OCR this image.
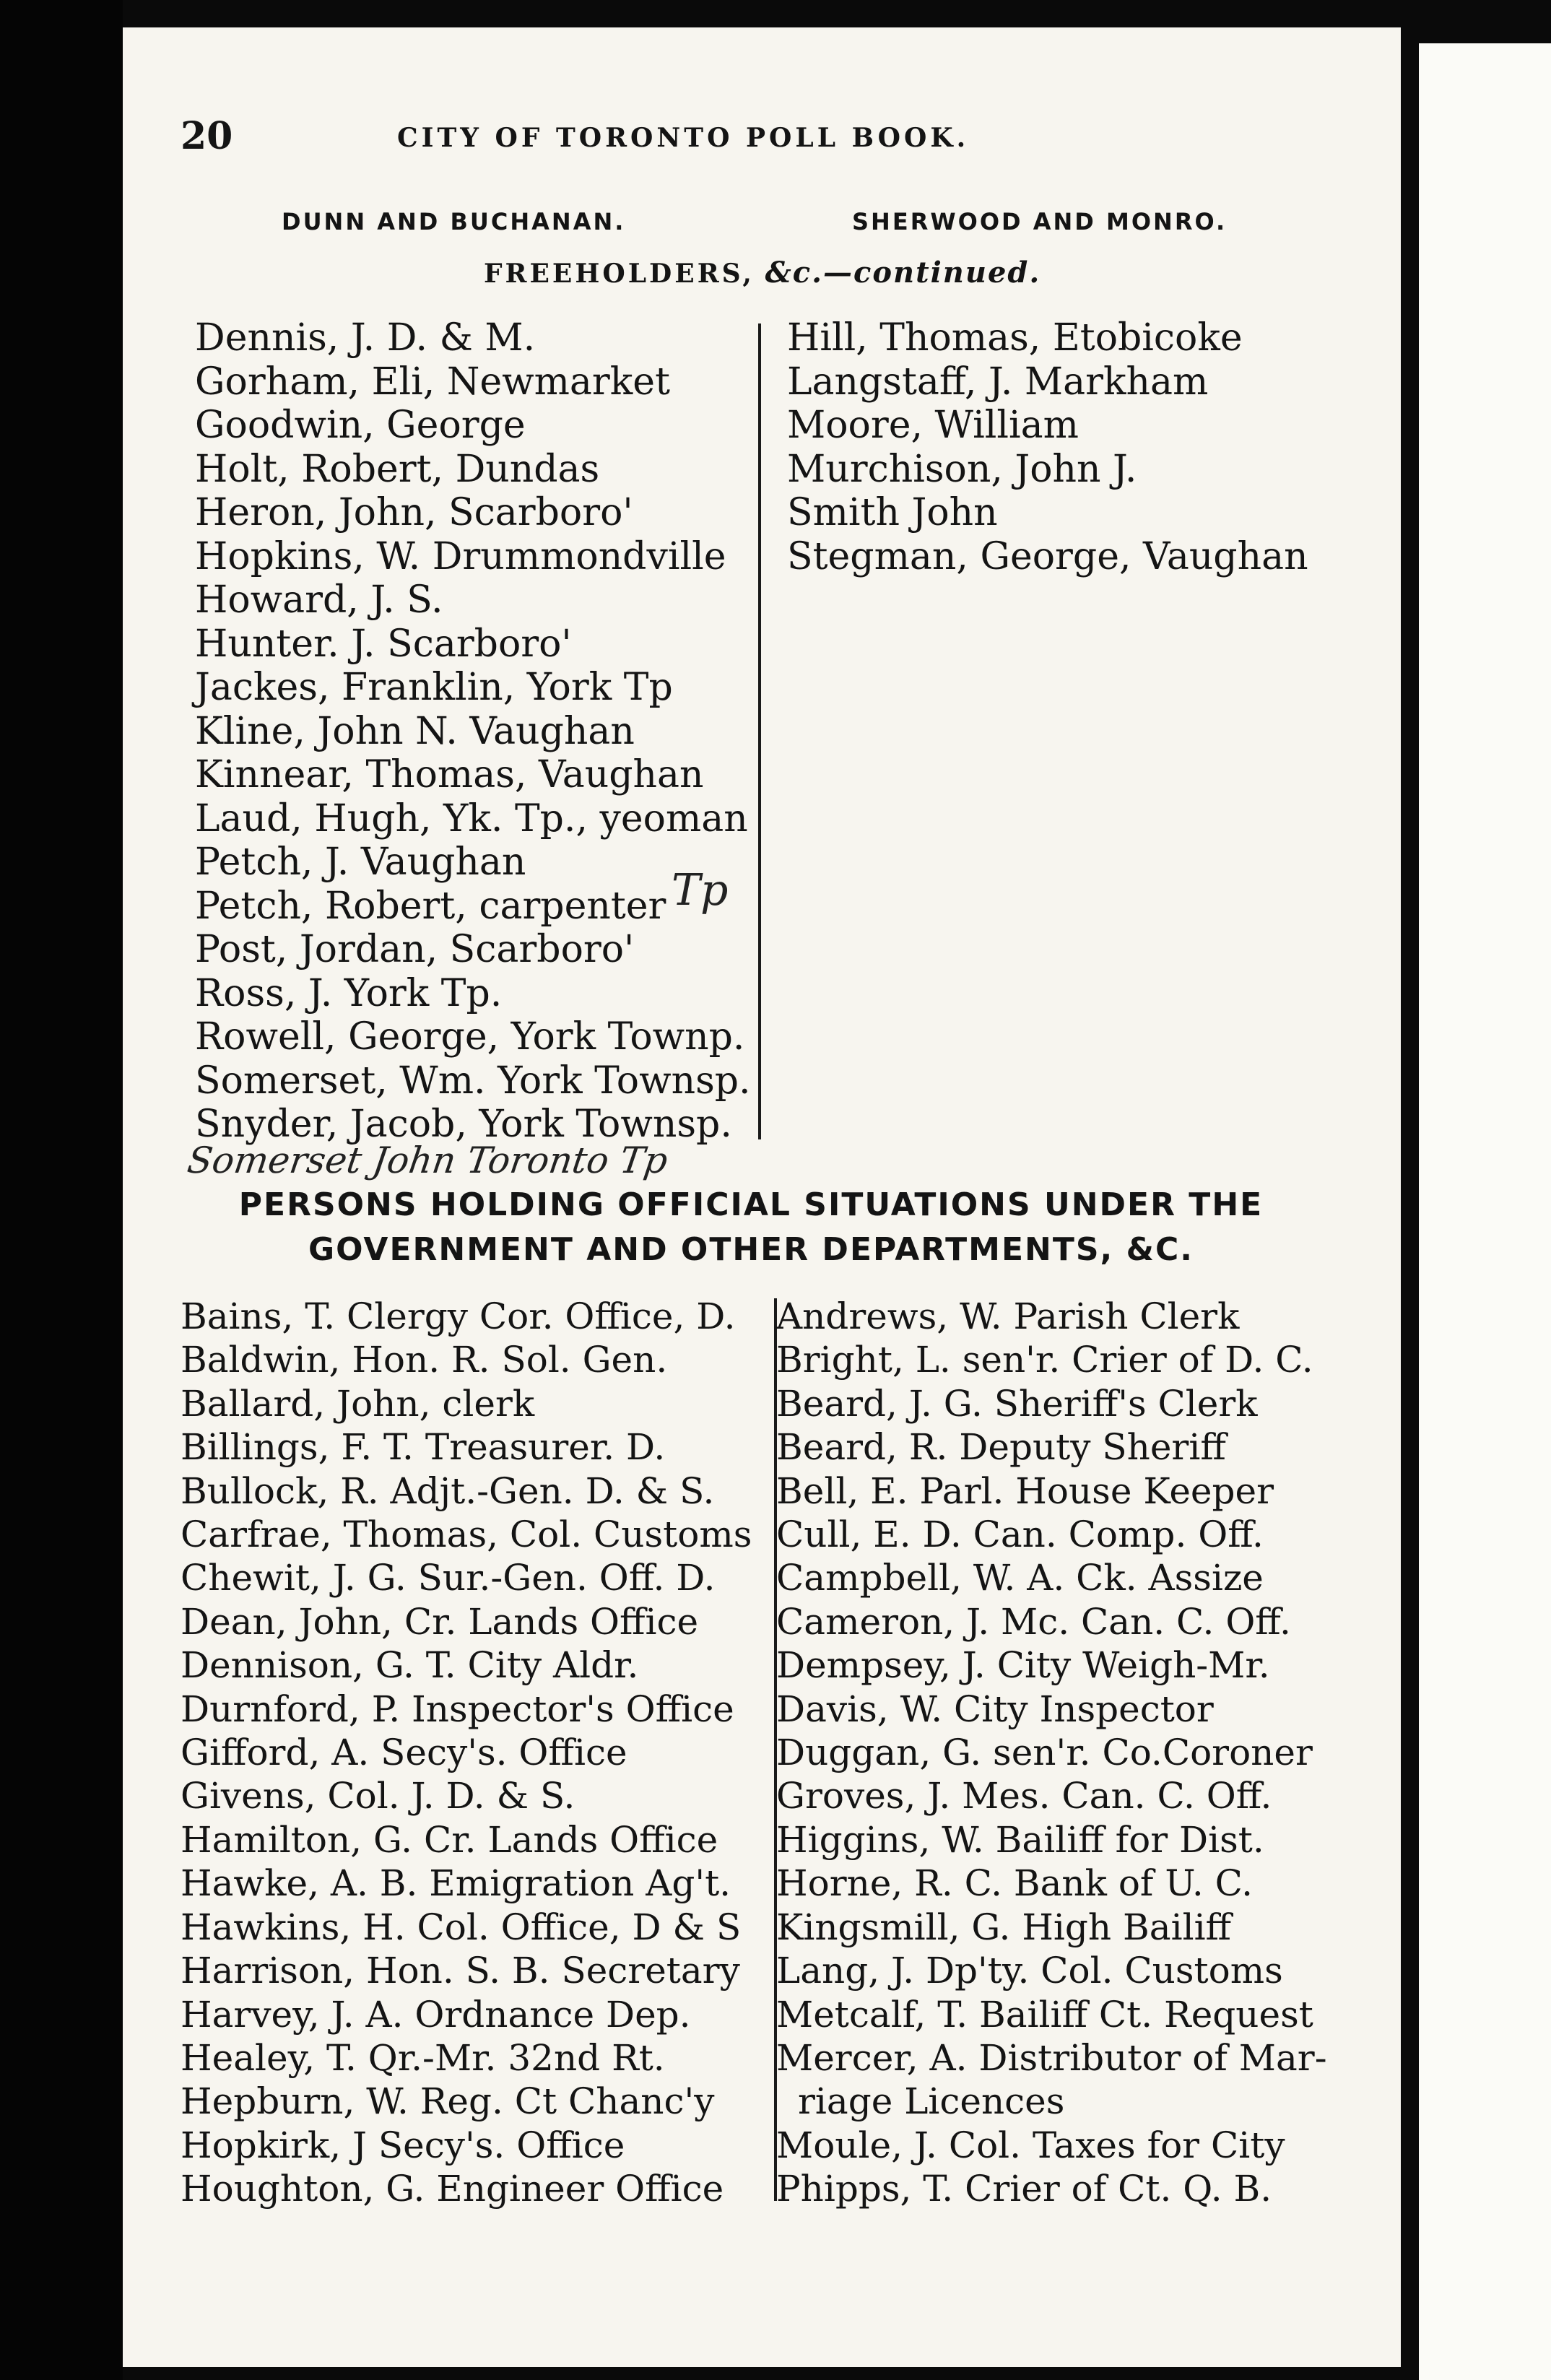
20	CITY OF TORONTO POLL BOOK.
DUNN AND BUCHANAN.	SHERWOOD AND MONRO.
FREEHOLDERS, &c.—continued.
Dennis, J. D. & M.
Gorham, Eli, Newmarket
Goodwin, George
Holt, Robert, Dundas
Heron, John, Scarboro'
Hopkins, W. Drummondville
Howard, J. S.
Hunter. J. Scarboro'
Jackes, Franklin, York Tp
Kline, John N. Vaughan
Kinnear, Thomas, Vaughan
Laud, Hugh, Yk. Tp., yeoman
Petch, J. Vaughan
Petch, Robert, carpenter
Post, Jordan, Scarboro'
Ross, J. York Tp.
Rowell, George, York Townp.
Somerset, Wm. York Townsp.
Snyder, Jacob, York Townsp.
Hill, Thomas, Etobicoke
Langstaff, J. Markham
Moore, William
Murchison, John J.
Smith John
Stegman, George, Vaughan
Tp
Somerset John Toronto Tp
PERSONS HOLDING OFFICIAL SITUATIONS UNDER THE
GOVERNMENT AND OTHER DEPARTMENTS, &C.
Bains, T. Clergy Cor. Office, D.
Baldwin, Hon. R. Sol. Gen.
Ballard, John, clerk
Billings, F. T. Treasurer. D.
Bullock, R. Adjt.-Gen. D. & S.
Carfrae, Thomas, Col. Customs
Chewit, J. G. Sur.-Gen. Off. D.
Dean, John, Cr. Lands Office
Dennison, G. T. City Aldr.
Durnford, P. Inspector's Office
Gifford, A. Secy's. Office
Givens, Col. J. D. & S.
Hamilton, G. Cr. Lands Office
Hawke, A. B. Emigration Ag't.
Hawkins, H. Col. Office, D & S
Harrison, Hon. S. B. Secretary
Harvey, J. A. Ordnance Dep.
Healey, T. Qr.-Mr. 32nd Rt.
Hepburn, W. Reg. Ct Chanc'y
Hopkirk, J Secy's. Office
Houghton, G. Engineer Office
Andrews, W. Parish Clerk
Bright, L. sen'r. Crier of D. C.
Beard, J. G. Sheriff's Clerk
Beard, R. Deputy Sheriff
Bell, E. Parl. House Keeper
Cull, E. D. Can. Comp. Off.
Campbell, W. A. Ck. Assize
Cameron, J. Mc. Can. C. Off.
Dempsey, J. City Weigh-Mr.
Davis, W. City Inspector
Duggan, G. sen'r. Co.Coroner
Groves, J. Mes. Can. C. Off.
Higgins, W. Bailiff for Dist.
Horne, R. C. Bank of U. C.
Kingsmill, G. High Bailiff
Lang, J. Dp'ty. Col. Customs
Metcalf, T. Bailiff Ct. Request
Mercer, A. Distributor of Mar-
riage Licences
Moule, J. Col. Taxes for City
Phipps, T. Crier of Ct. Q. B.
